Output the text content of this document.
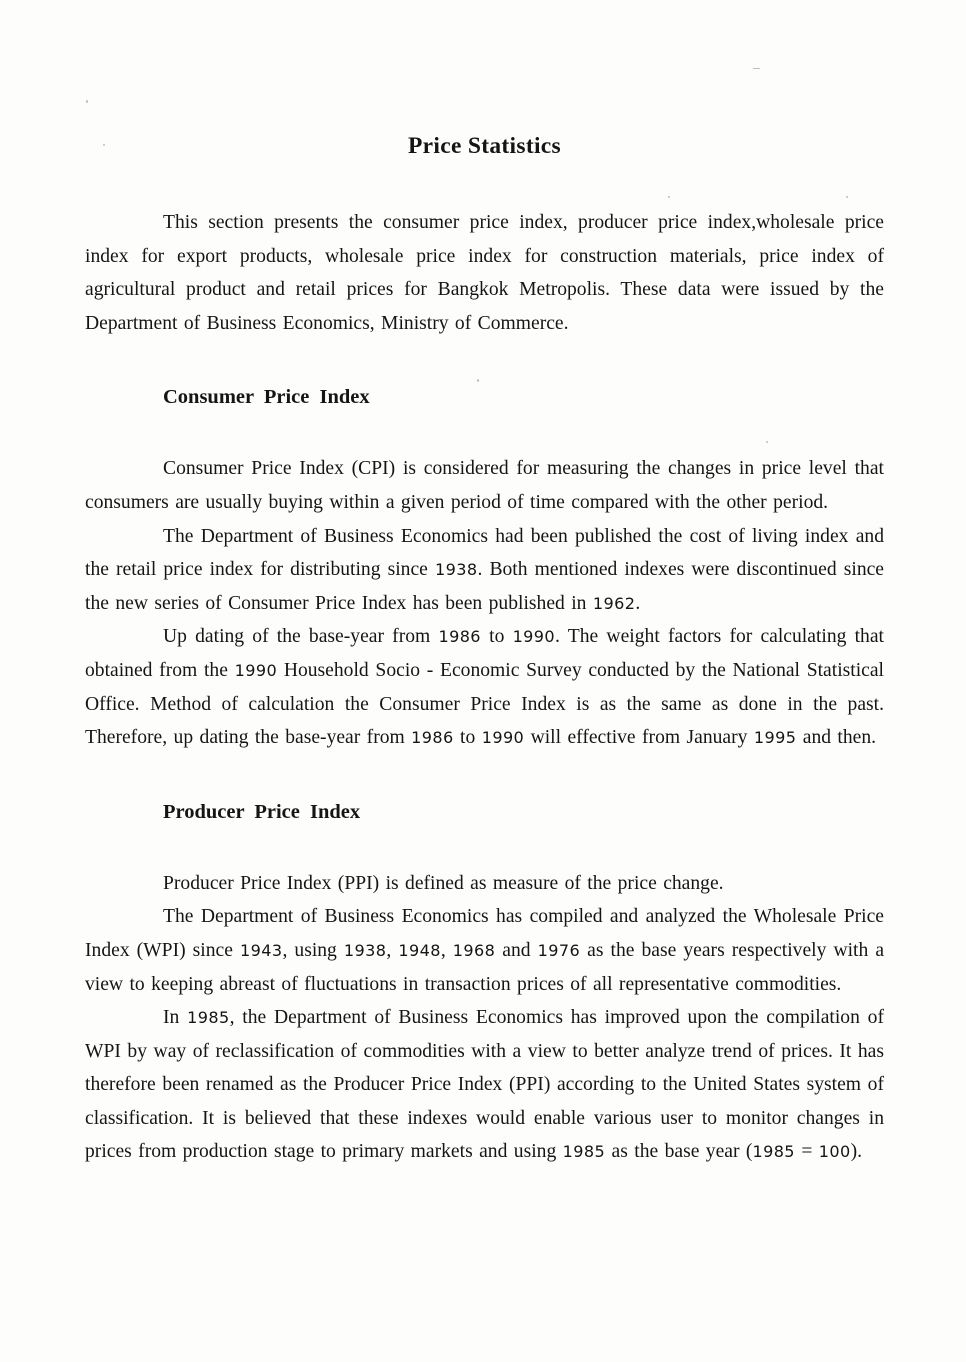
Price Statistics

This section presents the consumer price index, producer price index,wholesale price index for export products, wholesale price index for construction materials, price index of agricultural product and retail prices for Bangkok Metropolis. These data were issued by the Department of Business Economics, Ministry of Commerce.

Consumer Price Index

Consumer Price Index (CPI) is considered for measuring the changes in price level that consumers are usually buying within a given period of time compared with the other period.

The Department of Business Economics had been published the cost of living index and the retail price index for distributing since 1938. Both mentioned indexes were discontinued since the new series of Consumer Price Index has been published in 1962.

Up dating of the base-year from 1986 to 1990. The weight factors for calculating that obtained from the 1990 Household Socio - Economic Survey conducted by the National Statistical Office. Method of calculation the Consumer Price Index is as the same as done in the past. Therefore, up dating the base-year from 1986 to 1990 will effective from January 1995 and then.

Producer Price Index

Producer Price Index (PPI) is defined as measure of the price change.

The Department of Business Economics has compiled and analyzed the Wholesale Price Index (WPI) since 1943, using 1938, 1948, 1968 and 1976 as the base years respectively with a view to keeping abreast of fluctuations in transaction prices of all representative commodities.

In 1985, the Department of Business Economics has improved upon the compilation of WPI by way of reclassification of commodities with a view to better analyze trend of prices. It has therefore been renamed as the Producer Price Index (PPI) according to the United States system of classification. It is believed that these indexes would enable various user to monitor changes in prices from production stage to primary markets and using 1985 as the base year (1985 = 100).
